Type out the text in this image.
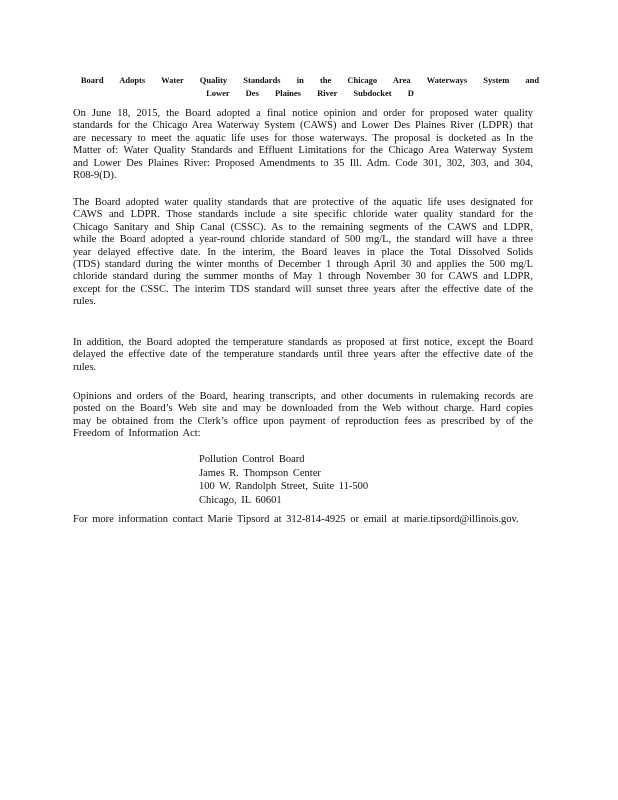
Board Adopts Water Quality Standards in the Chicago Area Waterways System and Lower Des Plaines River Subdocket D

On June 18, 2015, the Board adopted a final notice opinion and order for proposed water quality standards for the Chicago Area Waterway System (CAWS) and Lower Des Plaines River (LDPR) that are necessary to meet the aquatic life uses for those waterways. The proposal is docketed as In the Matter of: Water Quality Standards and Effluent Limitations for the Chicago Area Waterway System and Lower Des Plaines River: Proposed Amendments to 35 Ill. Adm. Code 301, 302, 303, and 304, R08-9(D).

The Board adopted water quality standards that are protective of the aquatic life uses designated for CAWS and LDPR. Those standards include a site specific chloride water quality standard for the Chicago Sanitary and Ship Canal (CSSC). As to the remaining segments of the CAWS and LDPR, while the Board adopted a year-round chloride standard of 500 mg/L, the standard will have a three year delayed effective date. In the interim, the Board leaves in place the Total Dissolved Solids (TDS) standard during the winter months of December 1 through April 30 and applies the 500 mg/L chloride standard during the summer months of May 1 through November 30 for CAWS and LDPR, except for the CSSC. The interim TDS standard will sunset three years after the effective date of the rules.

Pollution Control Board
James R. Thompson Center
100 W. Randolph Street, Suite 11-500
Chicago, IL 60601

In addition, the Board adopted the temperature standards as proposed at first notice, except the Board delayed the effective date of the temperature standards until three years after the effective date of the rules.

Opinions and orders of the Board, hearing transcripts, and other documents in rulemaking records are posted on the Board’s Web site and may be downloaded from the Web without charge. Hard copies may be obtained from the Clerk’s office upon payment of reproduction fees as prescribed by of the Freedom of Information Act:

For more information contact Marie Tipsord at 312-814-4925 or email at marie.tipsord@illinois.gov.
